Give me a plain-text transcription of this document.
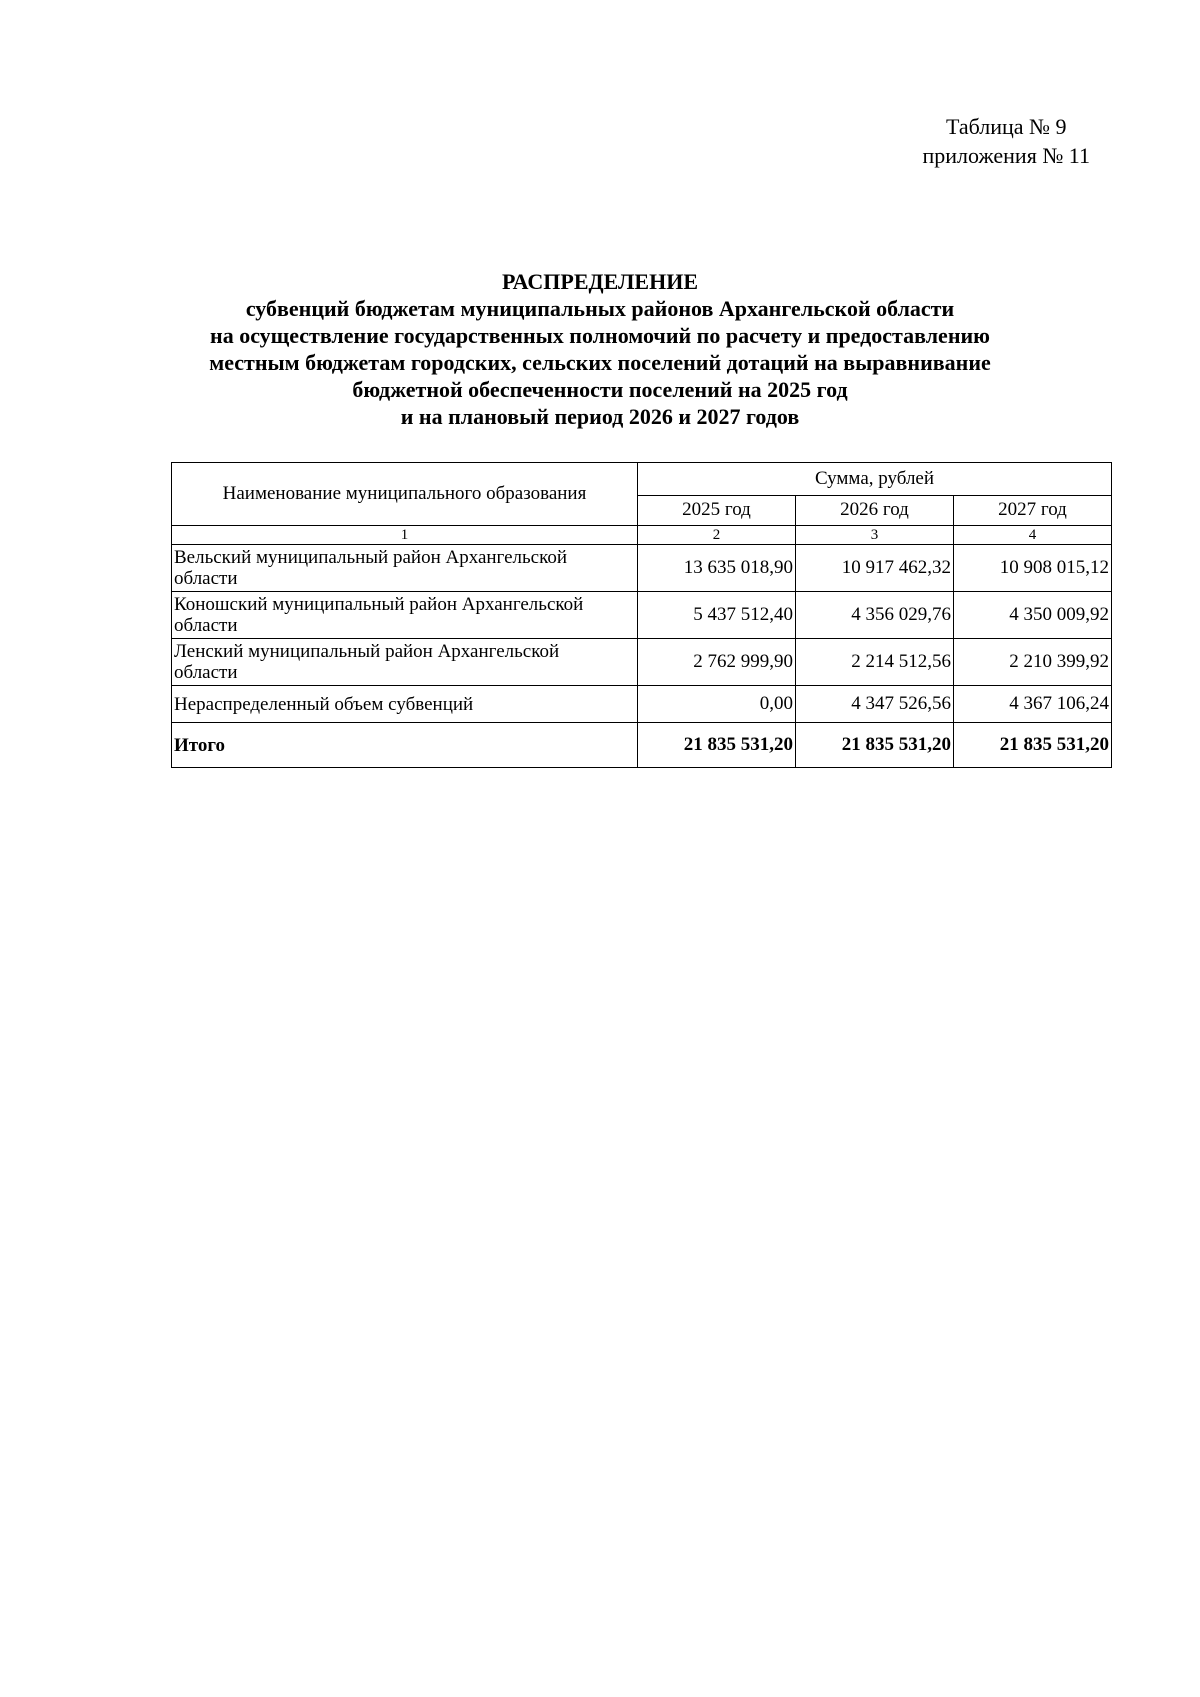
Таблица № 9
приложения № 11
РАСПРЕДЕЛЕНИЕ
субвенций бюджетам муниципальных районов Архангельской области
на осуществление государственных полномочий по расчету и предоставлению
местным бюджетам городских, сельских поселений дотаций на выравнивание
бюджетной обеспеченности поселений на 2025 год
и на плановый период 2026 и 2027 годов
Наименование муниципального образования	Сумма, рублей		
	2025 год	2026 год	2027 год
1	2	3	4
Вельский муниципальный район Архангельской
области	13 635 018,90	10 917 462,32	10 908 015,12
Коношский муниципальный район Архангельской
области	5 437 512,40	4 356 029,76	4 350 009,92
Ленский муниципальный район Архангельской
области	2 762 999,90	2 214 512,56	2 210 399,92
Нераспределенный объем субвенций	0,00	4 347 526,56	4 367 106,24
Итого	21 835 531,20	21 835 531,20	21 835 531,20
